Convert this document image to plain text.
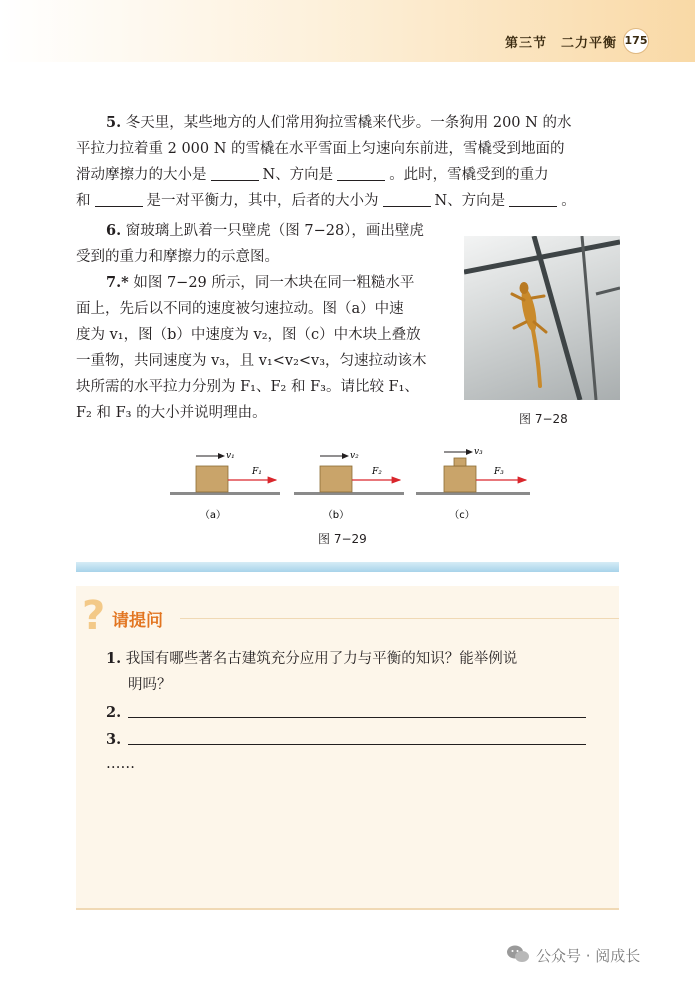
第三节　二力平衡 175

5. 冬天里，某些地方的人们常用狗拉雪橇来代步。一条狗用 200 N 的水

平拉力拉着重 2 000 N 的雪橇在水平雪面上匀速向东前进，雪橇受到地面的

滑动摩擦力的大小是	N、方向是	。此时，雪橇受到的重力

和	是一对平衡力，其中，后者的大小为	N、方向是	。

6. 窗玻璃上趴着一只壁虎（图 7−28），画出壁虎

受到的重力和摩擦力的示意图。

7.* 如图 7−29 所示，同一木块在同一粗糙水平

面上，先后以不同的速度被匀速拉动。图（a）中速

度为 v₁，图（b）中速度为 v₂，图（c）中木块上叠放

一重物，共同速度为 v₃，且 v₁<v₂<v₃，匀速拉动该木

块所需的水平拉力分别为 F₁、F₂ 和 F₃。请比较 F₁、

F₂ 和 F₃ 的大小并说明理由。	图 7−28
v₁
F₁
v₂
F₂
v₃
F₃
（a）	（b）	（c）
图 7−29
? 请提问

1. 我国有哪些著名古建筑充分应用了力与平衡的知识？能举例说

明吗？

2.

3.

……

公众号 · 阅成长
